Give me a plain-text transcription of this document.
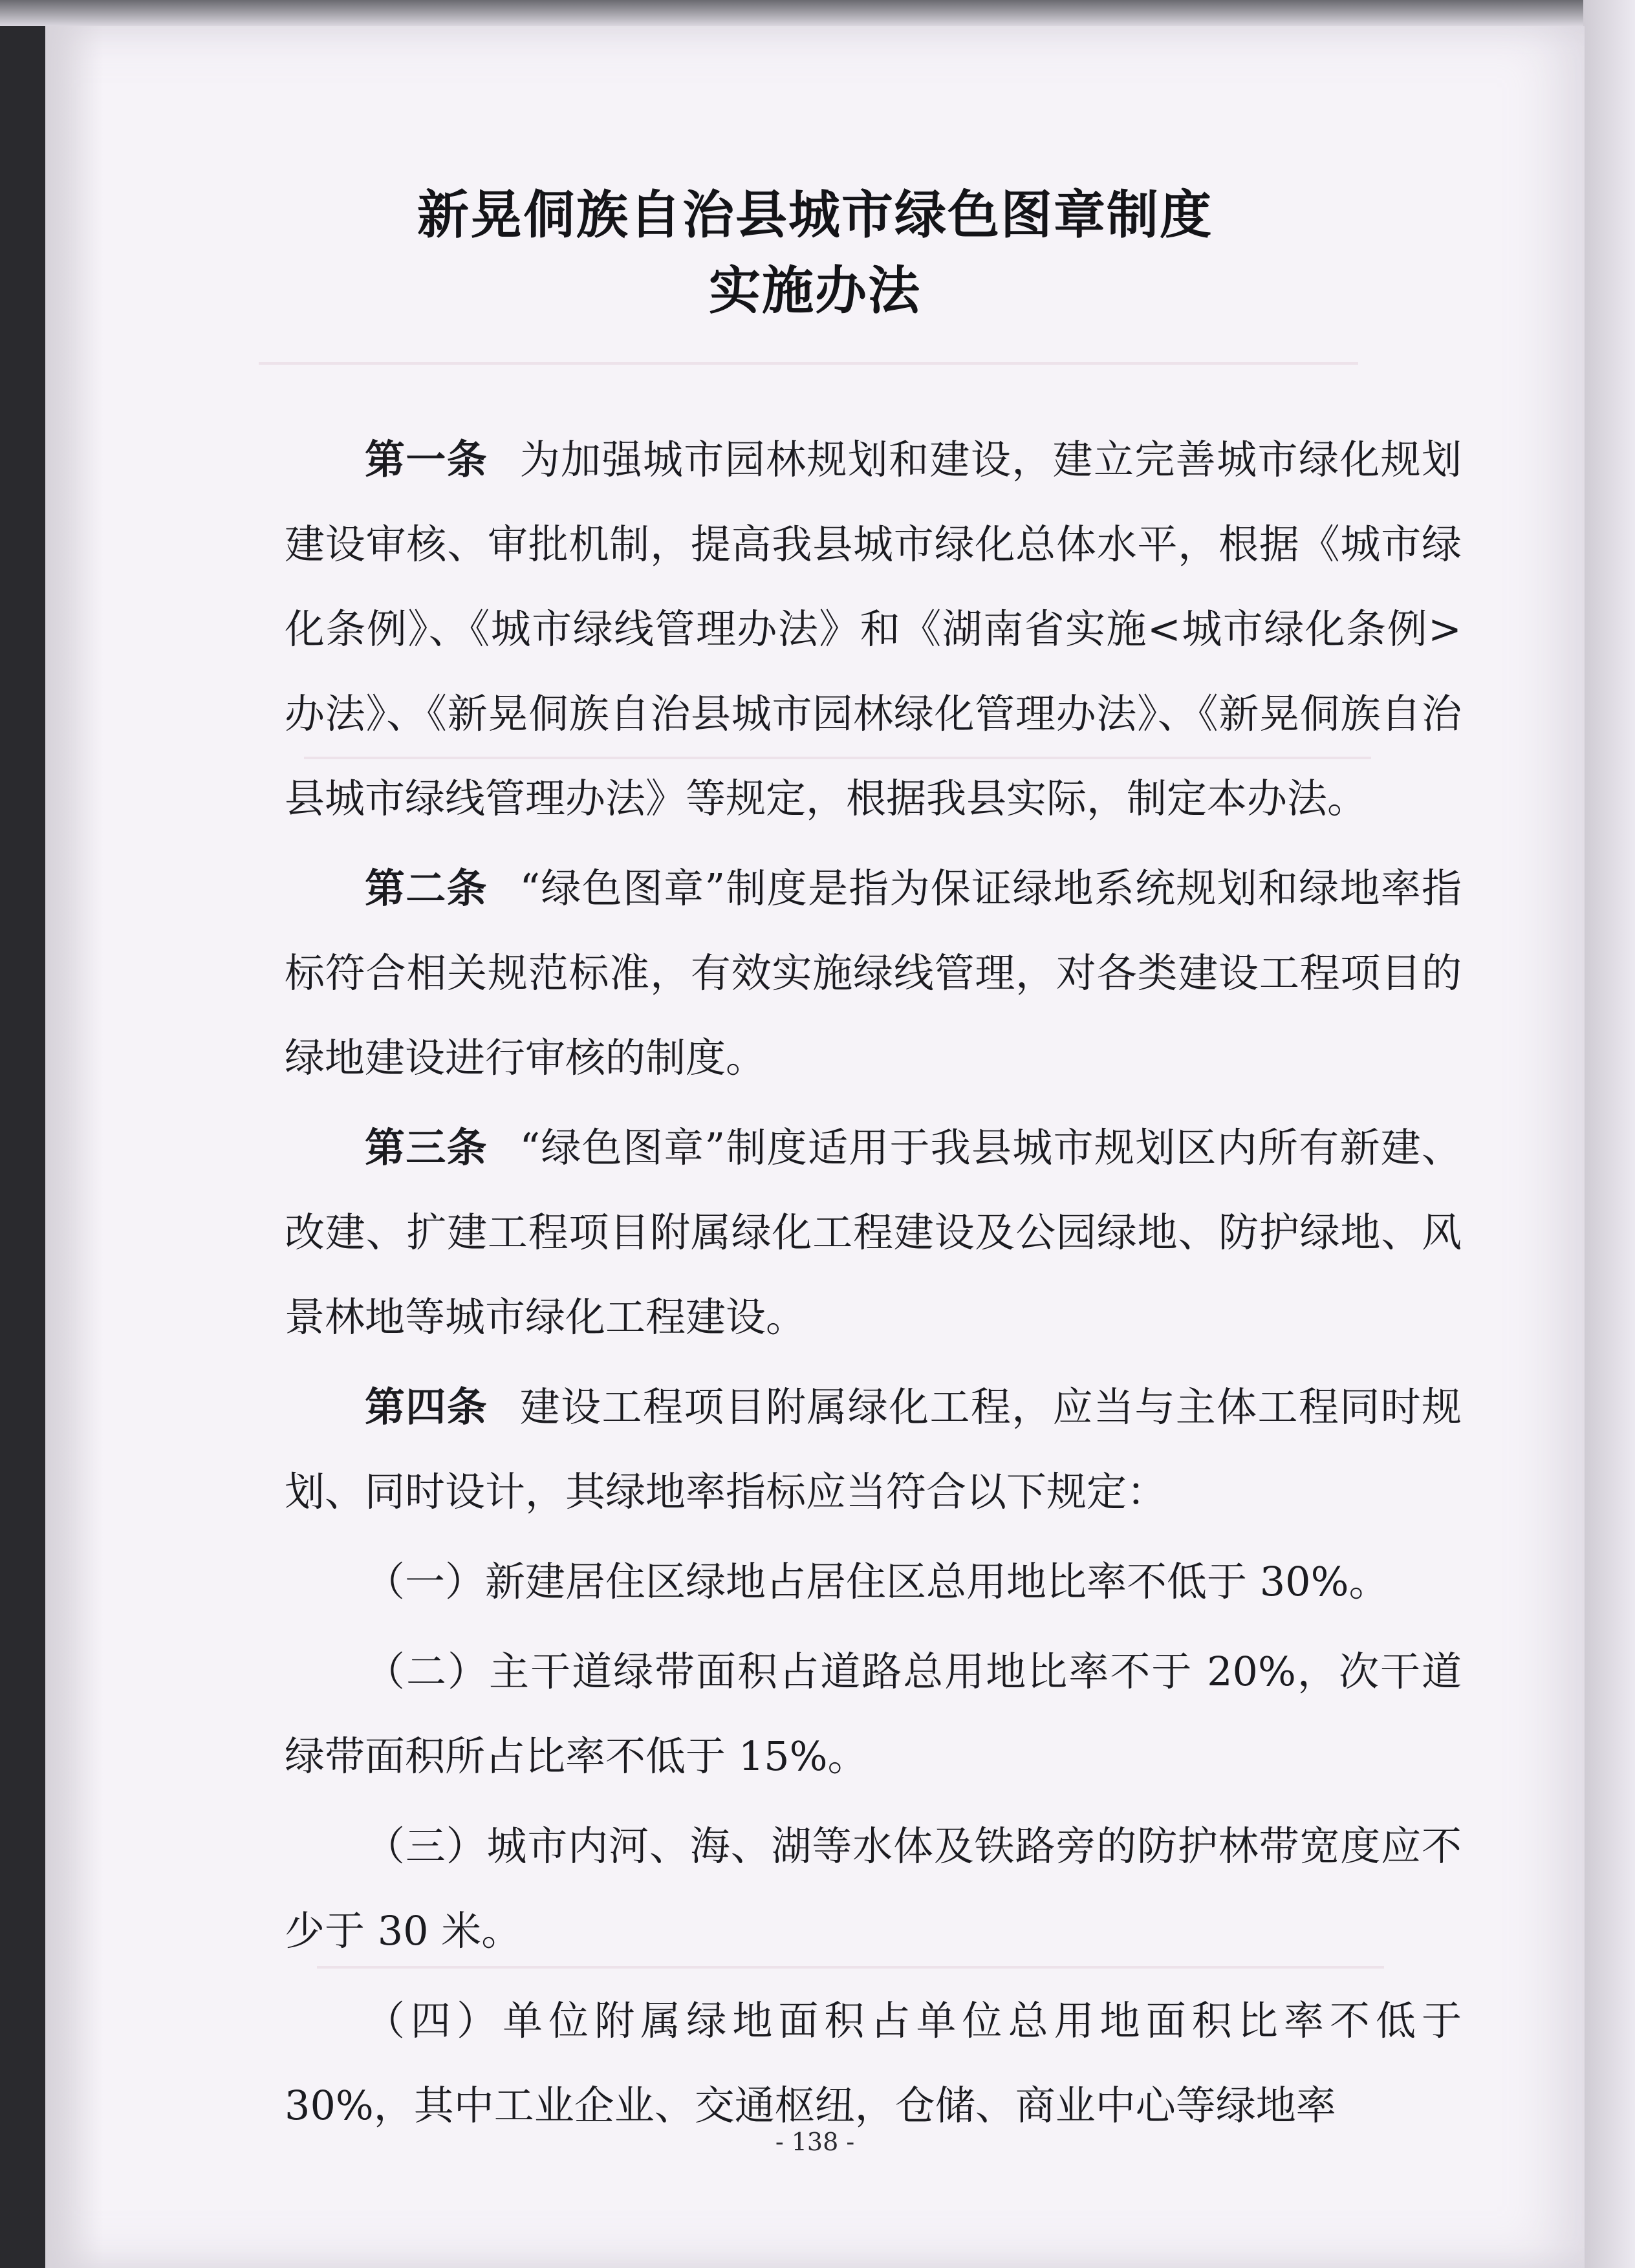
新晃侗族自治县城市绿色图章制度
实施办法

第一条 为加强城市园林规划和建设，建立完善城市绿化规划建设审核、审批机制，提高我县城市绿化总体水平，根据《城市绿化条例》、《城市绿线管理办法》和《湖南省实施<城市绿化条例>办法》、《新晃侗族自治县城市园林绿化管理办法》、《新晃侗族自治县城市绿线管理办法》等规定，根据我县实际，制定本办法。

第二条 “绿色图章”制度是指为保证绿地系统规划和绿地率指标符合相关规范标准，有效实施绿线管理，对各类建设工程项目的绿地建设进行审核的制度。

第三条 “绿色图章”制度适用于我县城市规划区内所有新建、改建、扩建工程项目附属绿化工程建设及公园绿地、防护绿地、风景林地等城市绿化工程建设。

第四条 建设工程项目附属绿化工程，应当与主体工程同时规划、同时设计，其绿地率指标应当符合以下规定：

（一）新建居住区绿地占居住区总用地比率不低于 30%。

（二）主干道绿带面积占道路总用地比率不于 20%，次干道绿带面积所占比率不低于 15%。

（三）城市内河、海、湖等水体及铁路旁的防护林带宽度应不少于 30 米。

（四）单位附属绿地面积占单位总用地面积比率不低于 30%，其中工业企业、交通枢纽，仓储、商业中心等绿地率

- 138 -
